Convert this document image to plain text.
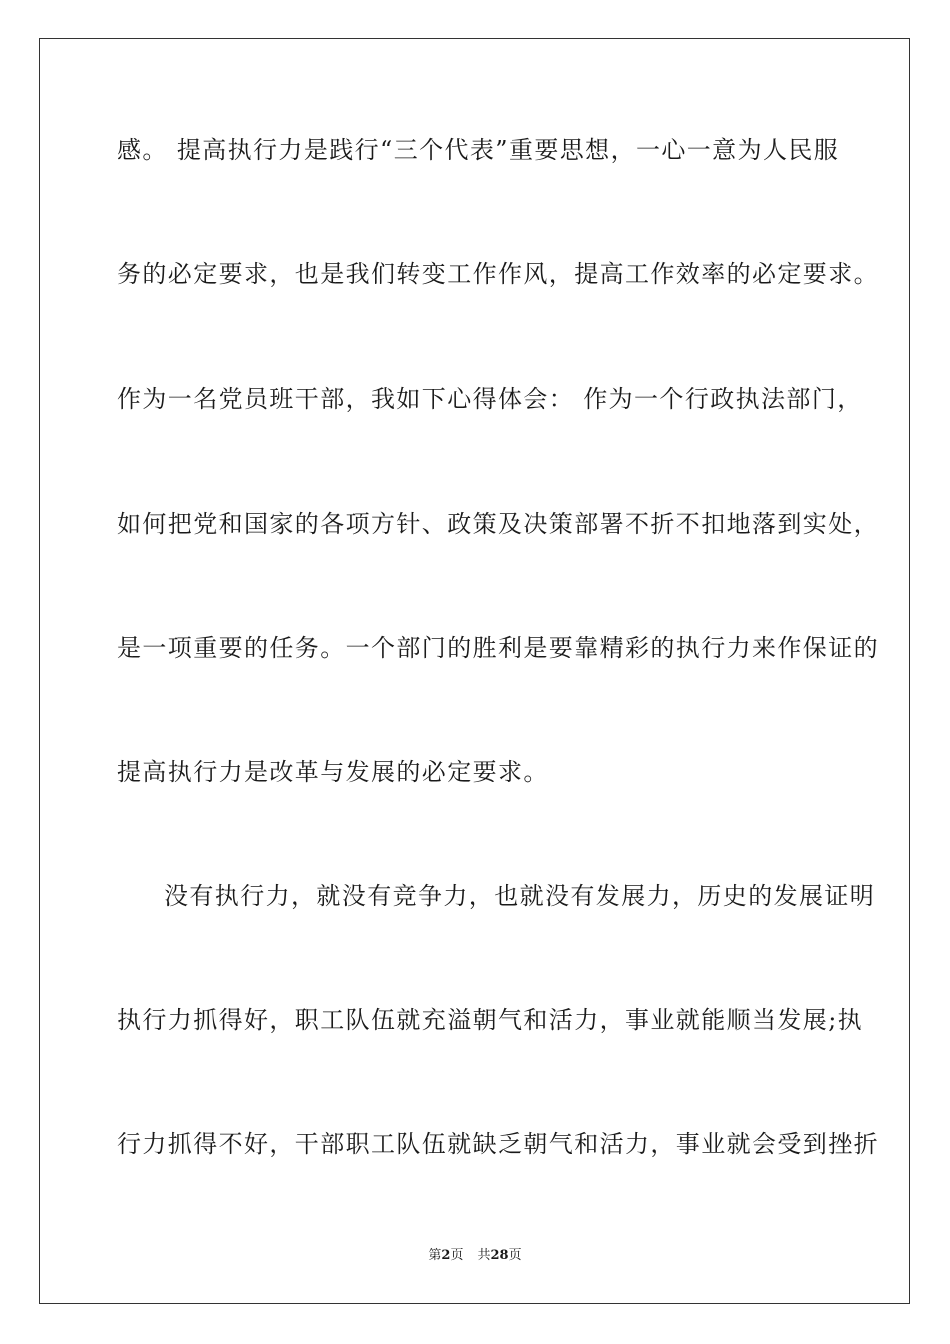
感。 提高执行力是践行“三个代表”重要思想，一心一意为人民服
务的必定要求，也是我们转变工作作风，提高工作效率的必定要求。
作为一名党员班干部，我如下心得体会： 作为一个行政执法部门，
如何把党和国家的各项方针、政策及决策部署不折不扣地落到实处，
是一项重要的任务。一个部门的胜利是要靠精彩的执行力来作保证的
提高执行力是改革与发展的必定要求。
没有执行力，就没有竞争力，也就没有发展力，历史的发展证明
执行力抓得好，职工队伍就充溢朝气和活力，事业就能顺当发展;执
行力抓得不好，干部职工队伍就缺乏朝气和活力，事业就会受到挫折
第2页 共28页
